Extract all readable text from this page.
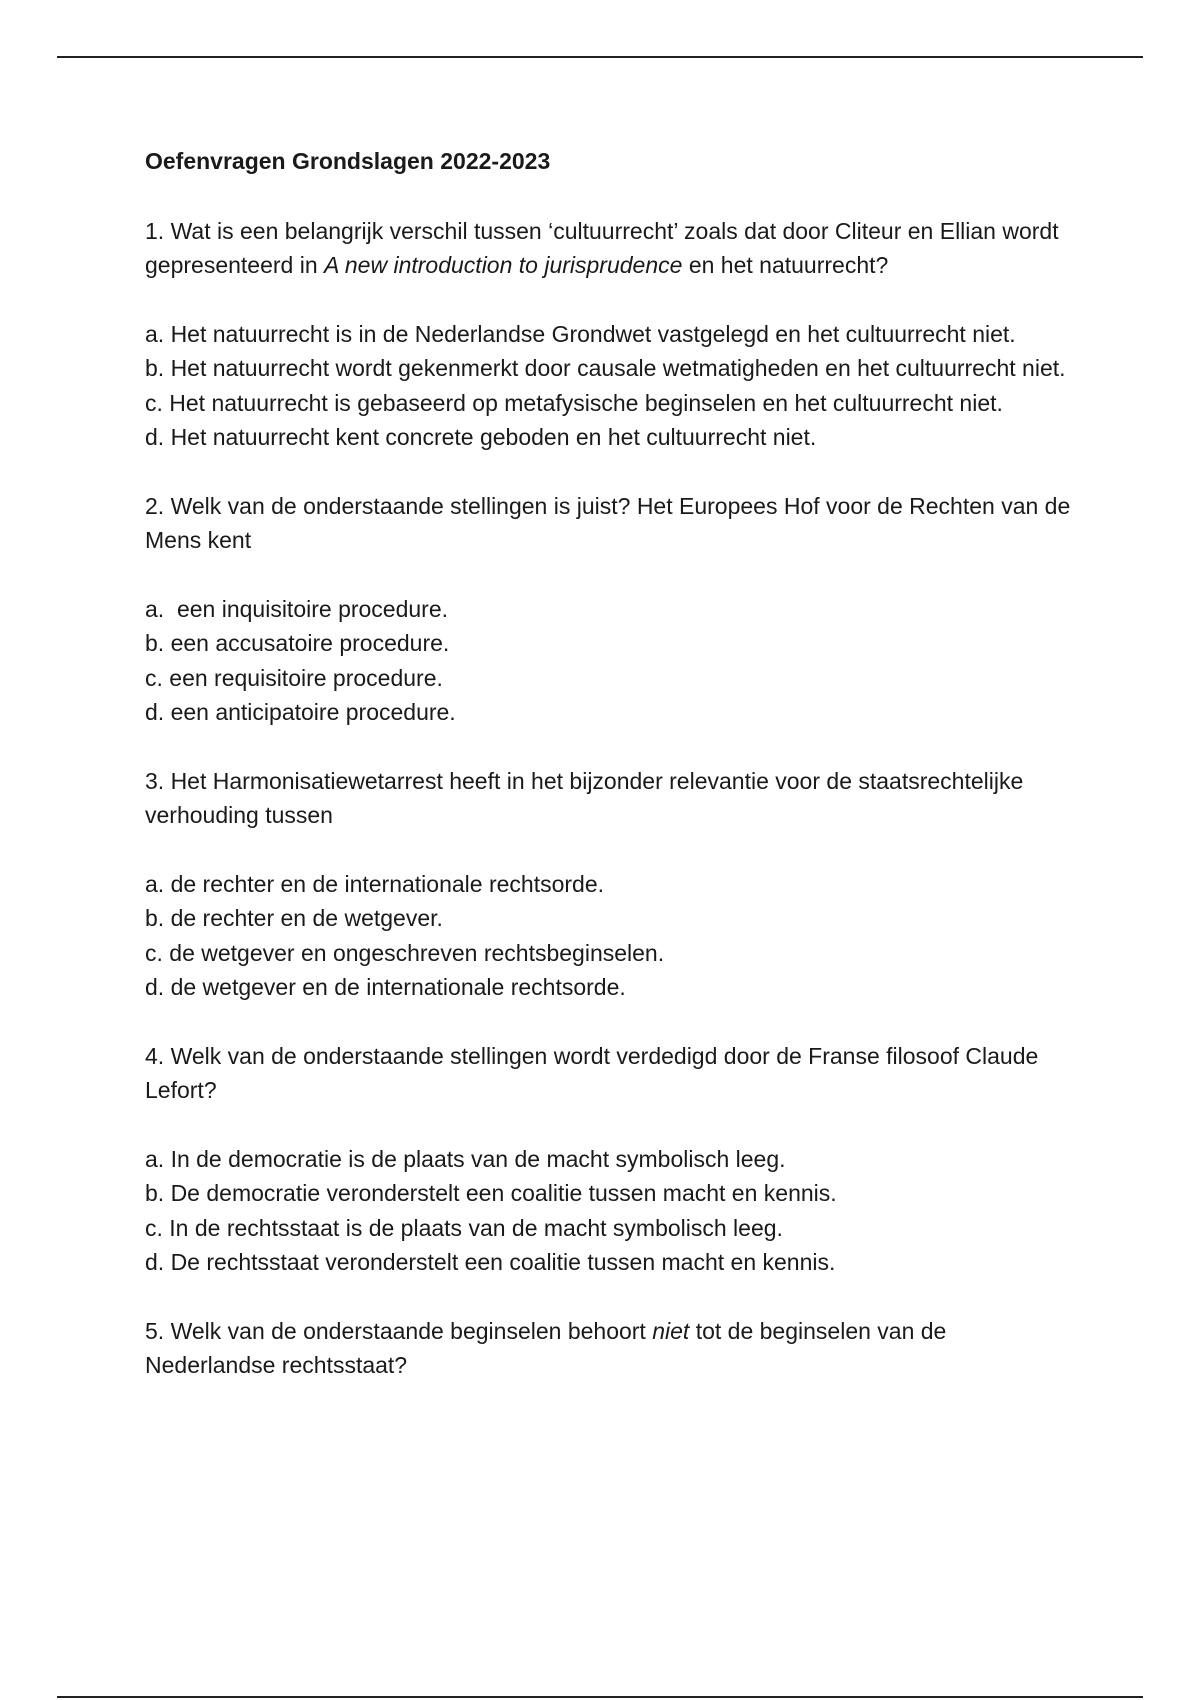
Oefenvragen Grondslagen 2022-2023

1. Wat is een belangrijk verschil tussen ‘cultuurrecht’ zoals dat door Cliteur en Ellian wordt gepresenteerd in A new introduction to jurisprudence en het natuurrecht?

a. Het natuurrecht is in de Nederlandse Grondwet vastgelegd en het cultuurrecht niet.
b. Het natuurrecht wordt gekenmerkt door causale wetmatigheden en het cultuurrecht niet.
c. Het natuurrecht is gebaseerd op metafysische beginselen en het cultuurrecht niet.
d. Het natuurrecht kent concrete geboden en het cultuurrecht niet.

2. Welk van de onderstaande stellingen is juist? Het Europees Hof voor de Rechten van de Mens kent

a.  een inquisitoire procedure.
b. een accusatoire procedure.
c. een requisitoire procedure.
d. een anticipatoire procedure.

3. Het Harmonisatiewetarrest heeft in het bijzonder relevantie voor de staatsrechtelijke verhouding tussen

a. de rechter en de internationale rechtsorde.
b. de rechter en de wetgever.
c. de wetgever en ongeschreven rechtsbeginselen.
d. de wetgever en de internationale rechtsorde.

4. Welk van de onderstaande stellingen wordt verdedigd door de Franse filosoof Claude Lefort?

a. In de democratie is de plaats van de macht symbolisch leeg.
b. De democratie veronderstelt een coalitie tussen macht en kennis.
c. In de rechtsstaat is de plaats van de macht symbolisch leeg.
d. De rechtsstaat veronderstelt een coalitie tussen macht en kennis.

5. Welk van de onderstaande beginselen behoort niet tot de beginselen van de Nederlandse rechtsstaat?
